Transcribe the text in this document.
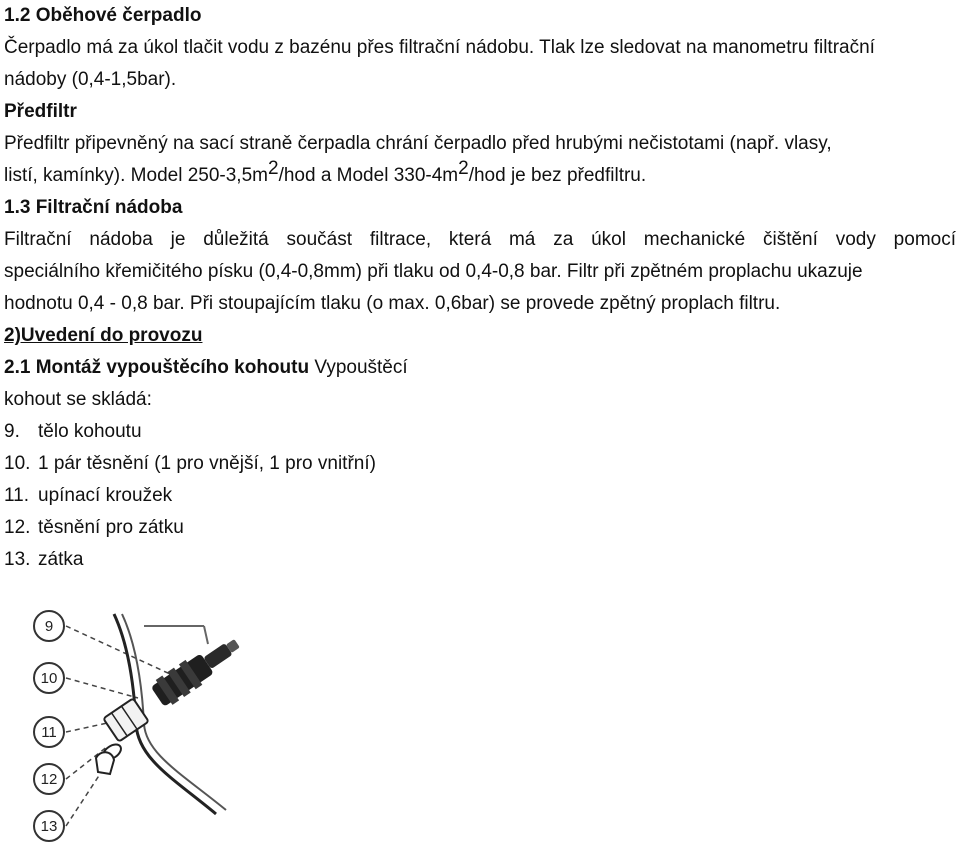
1.2 Oběhové čerpadlo
Čerpadlo má za úkol tlačit vodu z bazénu přes filtrační nádobu. Tlak lze sledovat na manometru filtrační
nádoby (0,4-1,5bar).
Předfiltr
Předfiltr připevněný na sací straně čerpadla chrání čerpadlo před hrubými nečistotami (např. vlasy,
listí, kamínky). Model 250-3,5m2/hod a Model 330-4m2/hod je bez předfiltru.
1.3 Filtrační nádoba
Filtrační nádoba je důležitá součást filtrace, která má za úkol mechanické čištění vody pomocí
speciálního křemičitého písku (0,4-0,8mm) při tlaku od 0,4-0,8 bar. Filtr při zpětném proplachu ukazuje
hodnotu 0,4 - 0,8 bar. Při stoupajícím tlaku (o max. 0,6bar) se provede zpětný proplach filtru.
2)Uvedení do provozu
2.1 Montáž vypouštěcího kohoutu Vypouštěcí
kohout se skládá:
9. tělo kohoutu
10. 1 pár těsnění (1 pro vnější, 1 pro vnitřní)
11. upínací kroužek
12. těsnění pro zátku
13. zátka
9
10
11
12
13
